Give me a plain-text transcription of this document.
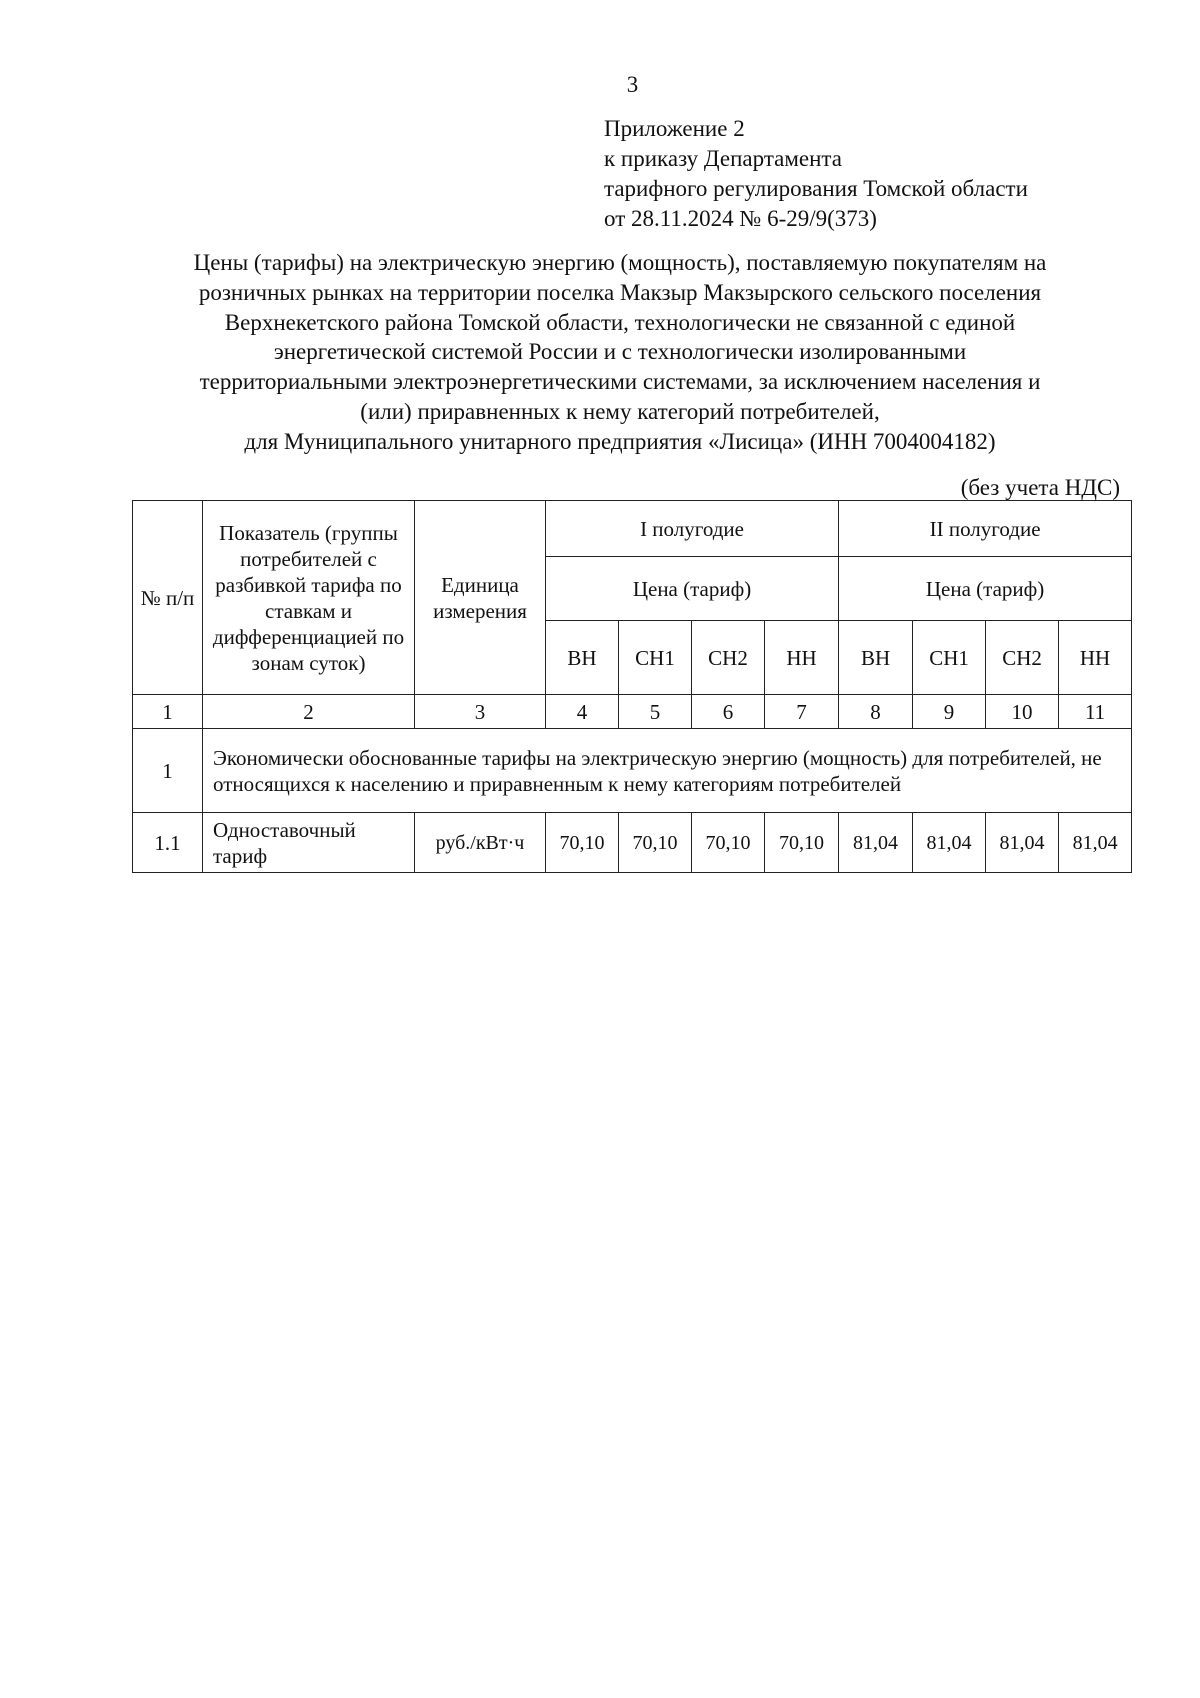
3
Приложение 2
к приказу Департамента
тарифного регулирования Томской области
от 28.11.2024 № 6-29/9(373)
Цены (тарифы) на электрическую энергию (мощность), поставляемую покупателям на
розничных рынках на территории поселка Макзыр Макзырского сельского поселения
Верхнекетского района Томской области, технологически не связанной с единой
энергетической системой России и с технологически изолированными
территориальными электроэнергетическими системами, за исключением населения и
(или) приравненных к нему категорий потребителей,
для Муниципального унитарного предприятия «Лисица» (ИНН 7004004182)
(без учета НДС)
№ п/п	Показатель (группы потребителей с разбивкой тарифа по ставкам и дифференциацией по зонам суток)	Единица измерения	I полугодие				II полугодие			
			Цена (тариф)				Цена (тариф)			
			ВН	СН1	СН2	НН	ВН	СН1	СН2	НН
1	2	3	4	5	6	7	8	9	10	11
1	Экономически обоснованные тарифы на электрическую энергию (мощность) для потребителей, не относящихся к населению и приравненным к нему категориям потребителей									
1.1	Одноставочный тариф	руб./кВт·ч	70,10	70,10	70,10	70,10	81,04	81,04	81,04	81,04
